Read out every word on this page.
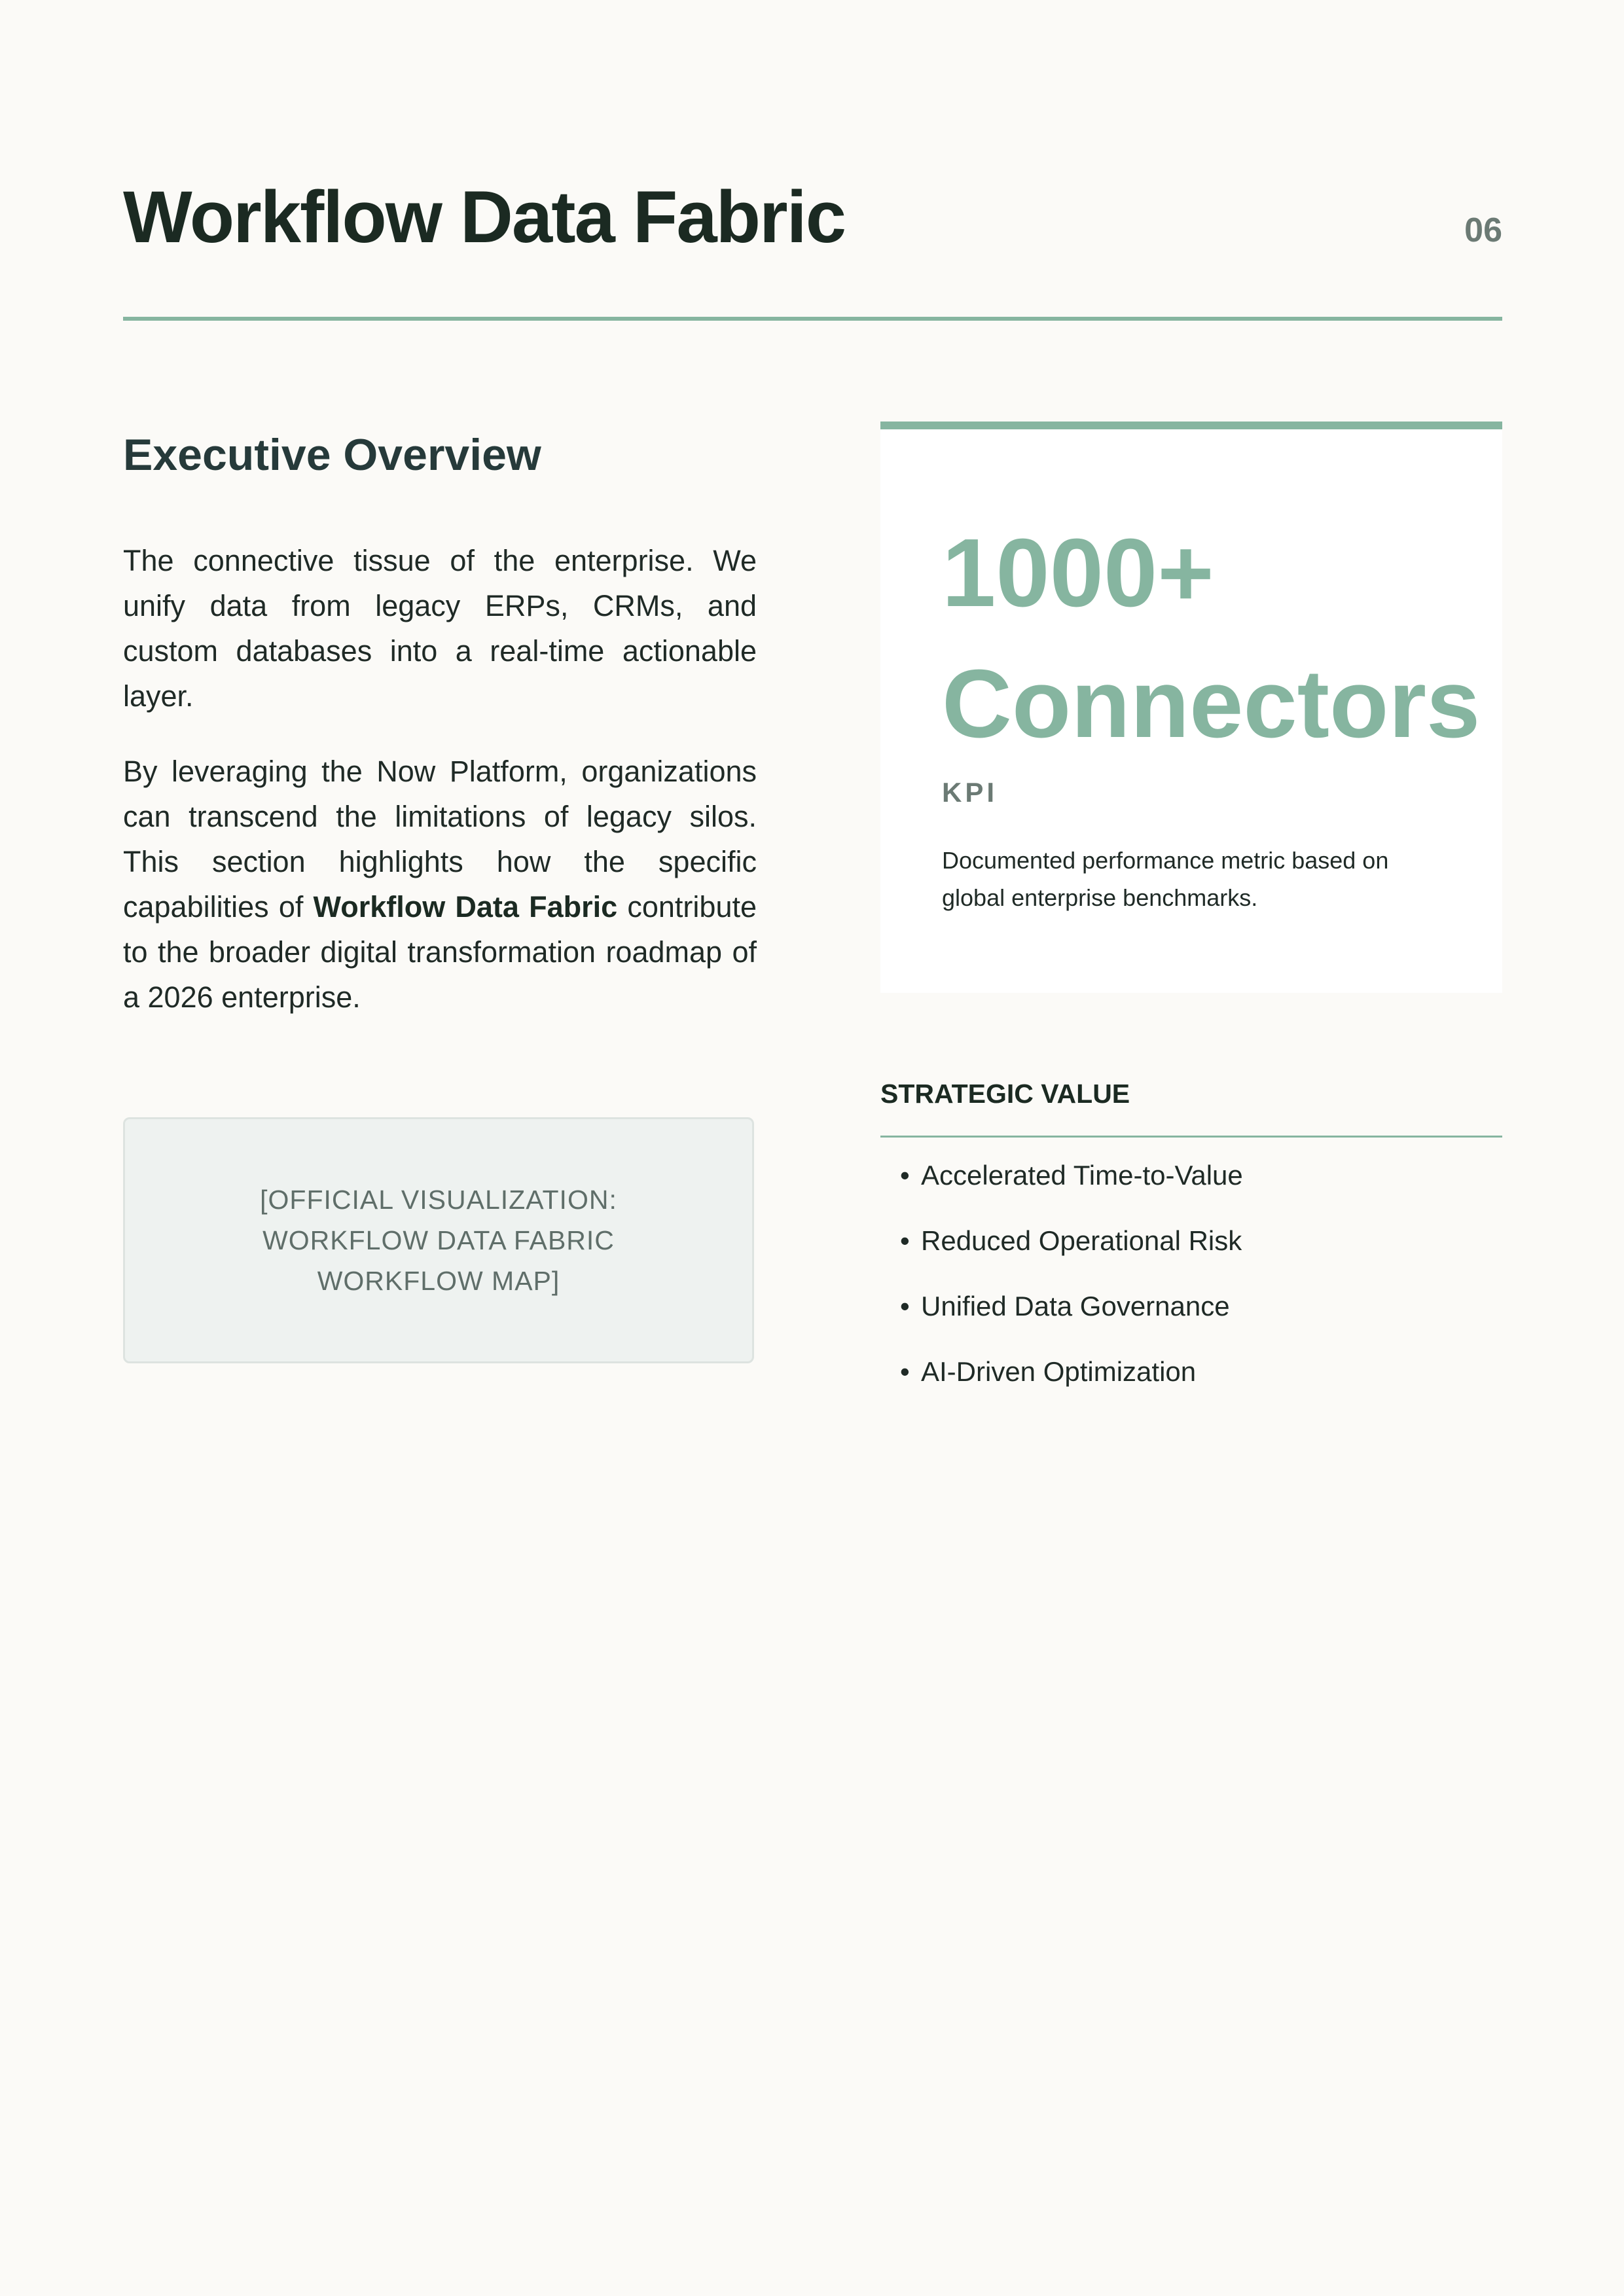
Workflow Data Fabric	06
Executive Overview

The connective tissue of the enterprise. We unify data from legacy ERPs, CRMs, and custom databases into a real-time actionable layer.

By leveraging the Now Platform, organizations can transcend the limitations of legacy silos. This section highlights how the specific capabilities of Workflow Data Fabric contribute to the broader digital transformation roadmap of a 2026 enterprise.

[OFFICIAL VISUALIZATION: WORKFLOW DATA FABRIC WORKFLOW MAP]
1000+ Connectors
KPI

Documented performance metric based on global enterprise benchmarks.

STRATEGIC VALUE
• Accelerated Time-to-Value
• Reduced Operational Risk
• Unified Data Governance
• AI-Driven Optimization
